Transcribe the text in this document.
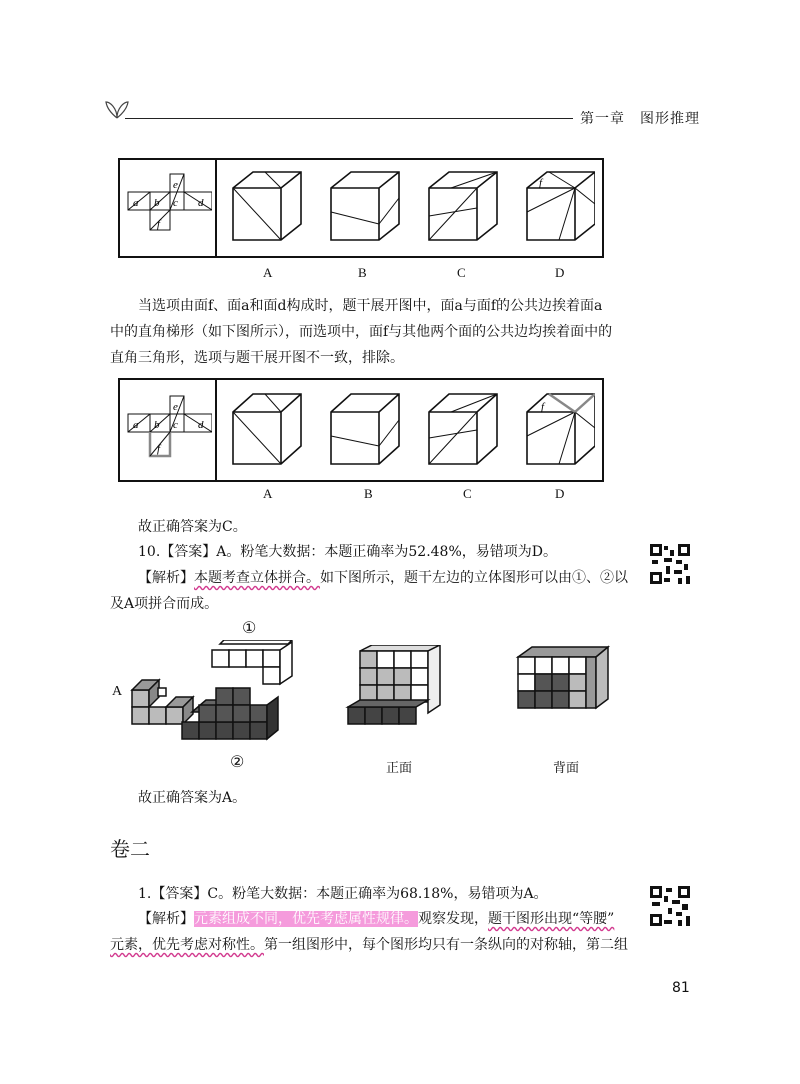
第一章　图形推理
e
a b c d
f
f
A	B	C	D
当选项由面f、面a和面d构成时，题干展开图中，面a与面f的公共边挨着面a
中的直角梯形（如下图所示），而选项中，面f与其他两个面的公共边均挨着面中的
直角三角形，选项与题干展开图不一致，排除。
e
a b c d
f
f
A	B	C	D
故正确答案为C。
10.【答案】A。粉笔大数据：本题正确率为52.48%，易错项为D。
【解析】本题考查立体拼合。如下图所示，题干左边的立体图形可以由①、②以
及A项拼合而成。
①
A
②	正面	背面
故正确答案为A。
卷二
1.【答案】C。粉笔大数据：本题正确率为68.18%，易错项为A。
【解析】元素组成不同，优先考虑属性规律。观察发现，题干图形出现“等腰”
元素，优先考虑对称性。第一组图形中，每个图形均只有一条纵向的对称轴，第二组
81
